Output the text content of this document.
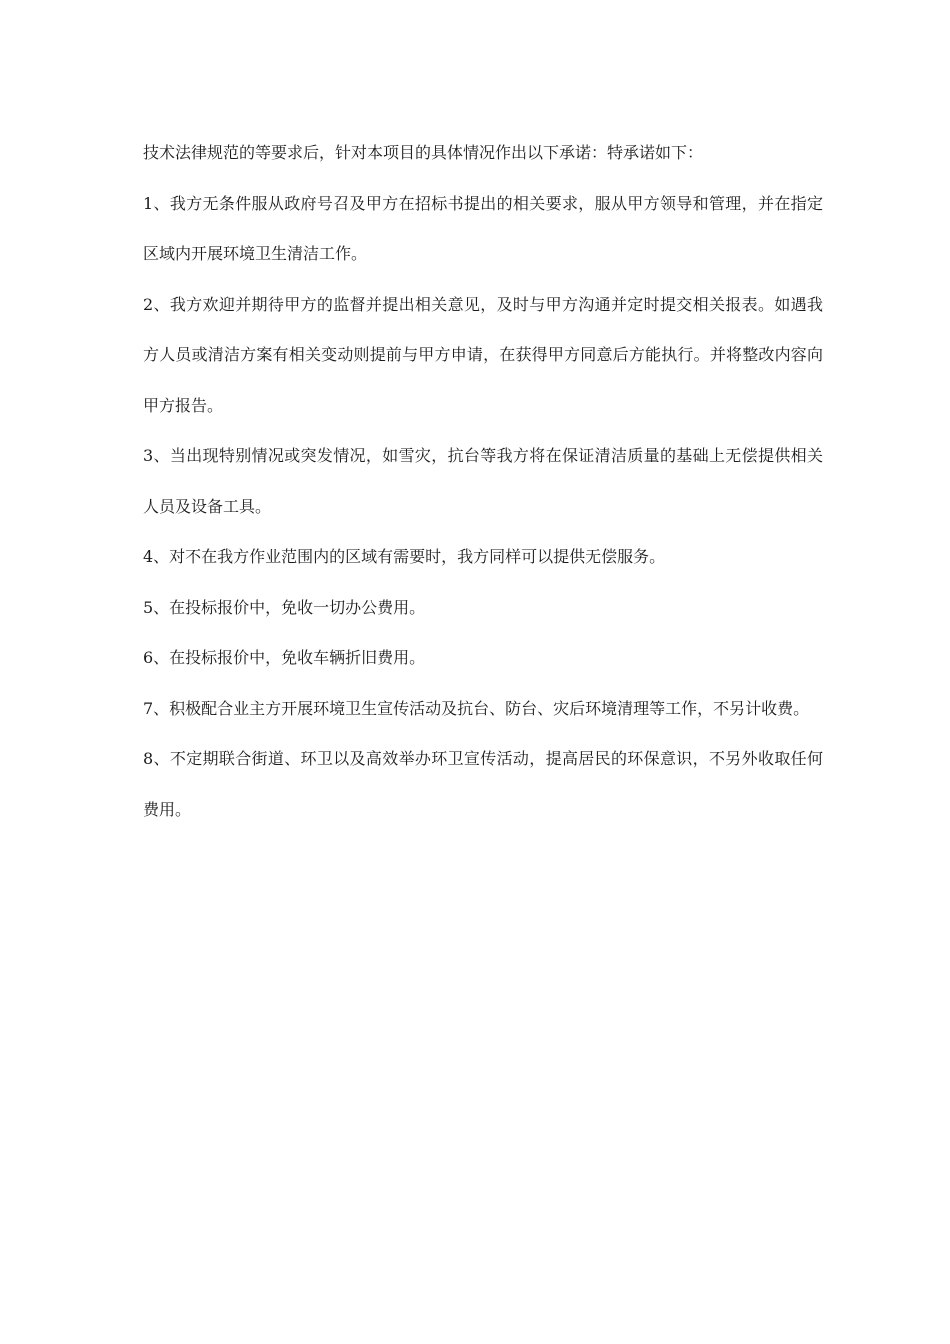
技术法律规范的等要求后，针对本项目的具体情况作出以下承诺：特承诺如下：

1、我方无条件服从政府号召及甲方在招标书提出的相关要求，服从甲方领导和管理，并在指定区域内开展环境卫生清洁工作。

2、我方欢迎并期待甲方的监督并提出相关意见，及时与甲方沟通并定时提交相关报表。如遇我方人员或清洁方案有相关变动则提前与甲方申请，在获得甲方同意后方能执行。并将整改内容向甲方报告。

3、当出现特别情况或突发情况，如雪灾，抗台等我方将在保证清洁质量的基础上无偿提供相关人员及设备工具。

4、对不在我方作业范围内的区域有需要时，我方同样可以提供无偿服务。

5、在投标报价中，免收一切办公费用。

6、在投标报价中，免收车辆折旧费用。

7、积极配合业主方开展环境卫生宣传活动及抗台、防台、灾后环境清理等工作，不另计收费。

8、不定期联合街道、环卫以及高效举办环卫宣传活动，提高居民的环保意识，不另外收取任何费用。
